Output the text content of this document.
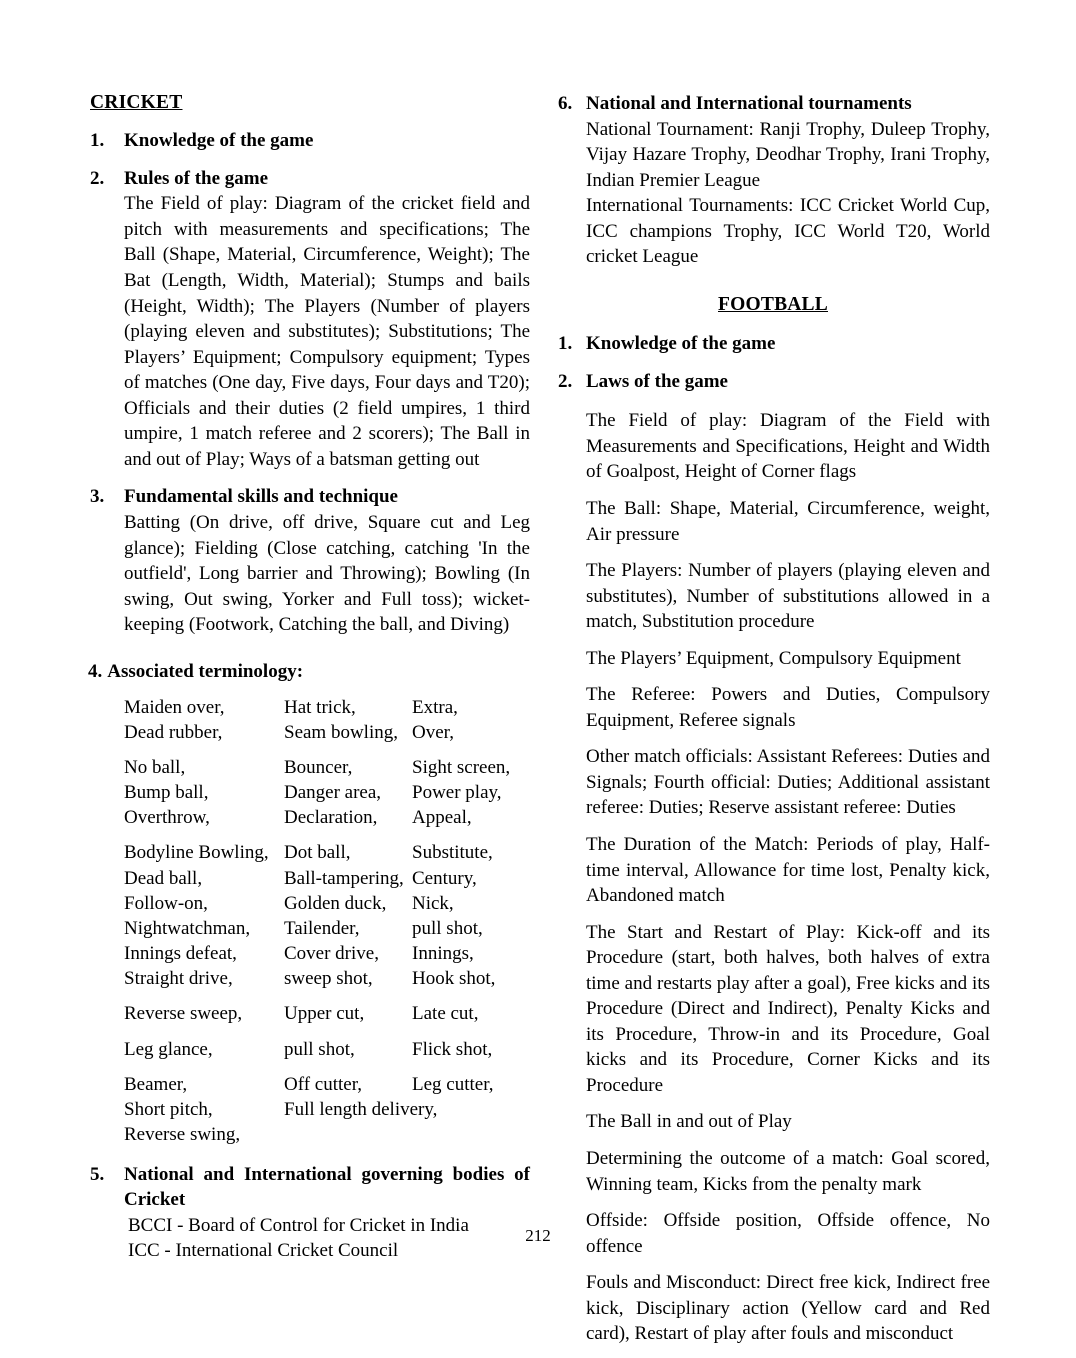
CRICKET
1. Knowledge of the game
2. Rules of the game

The Field of play: Diagram of the cricket field and pitch with measurements and specifications; The Ball (Shape, Material, Circumference, Weight); The Bat (Length, Width, Material); Stumps and bails (Height, Width); The Players (Number of players (playing eleven and substitutes); Substitutions; The Players’ Equipment; Compulsory equipment; Types of matches (One day, Five days, Four days and T20); Officials and their duties (2 field umpires, 1 third umpire, 1 match referee and 2 scorers); The Ball in and out of Play; Ways of a batsman getting out

3. Fundamental skills and technique

Batting (On drive, off drive, Square cut and Leg glance); Fielding (Close catching, catching 'In the outfield', Long barrier and Throwing); Bowling (In swing, Out swing, Yorker and Full toss); wicket-keeping (Footwork, Catching the ball, and Diving)

4. Associated terminology:
Maiden over,	Hat trick,	Extra,
Dead rubber,	Seam bowling, Over,
No ball,	Bouncer,	Sight screen,
Bump ball,	Danger area,	Power play,
Overthrow,	Declaration,	Appeal,
Bodyline Bowling, Dot ball,	Substitute,
Dead ball,	Ball-tampering, Century,
Follow-on,	Golden duck,	Nick,
Nightwatchman,	Tailender,	pull shot,
Innings defeat,	Cover drive,	Innings,
Straight drive,	sweep shot,	Hook shot,
Reverse sweep,	Upper cut,	Late cut,
Leg glance,	pull shot,	Flick shot,
Beamer,	Off cutter,	Leg cutter,
Short pitch,	Full length delivery,
Reverse swing,
5. National and International governing bodies of Cricket
BCCI - Board of Control for Cricket in India
ICC - International Cricket Council
6. National and International tournaments

National Tournament: Ranji Trophy, Duleep Trophy, Vijay Hazare Trophy, Deodhar Trophy, Irani Trophy, Indian Premier League

International Tournaments: ICC Cricket World Cup, ICC champions Trophy, ICC World T20, World cricket League

FOOTBALL
1. Knowledge of the game
2. Laws of the game

The Field of play: Diagram of the Field with Measurements and Specifications, Height and Width of Goalpost, Height of Corner flags

The Ball: Shape, Material, Circumference, weight, Air pressure

The Players: Number of players (playing eleven and substitutes), Number of substitutions allowed in a match, Substitution procedure

The Players’ Equipment, Compulsory Equipment

The Referee: Powers and Duties, Compulsory Equipment, Referee signals

Other match officials: Assistant Referees: Duties and Signals; Fourth official: Duties; Additional assistant referee: Duties; Reserve assistant referee: Duties

The Duration of the Match: Periods of play, Half-time interval, Allowance for time lost, Penalty kick, Abandoned match

The Start and Restart of Play: Kick-off and its Procedure (start, both halves, both halves of extra time and restarts play after a goal), Free kicks and its Procedure (Direct and Indirect), Penalty Kicks and its Procedure, Throw-in and its Procedure, Goal kicks and its Procedure, Corner Kicks and its Procedure

The Ball in and out of Play

Determining the outcome of a match: Goal scored, Winning team, Kicks from the penalty mark

Offside: Offside position, Offside offence, No offence

Fouls and Misconduct: Direct free kick, Indirect free kick, Disciplinary action (Yellow card and Red card), Restart of play after fouls and misconduct

212
